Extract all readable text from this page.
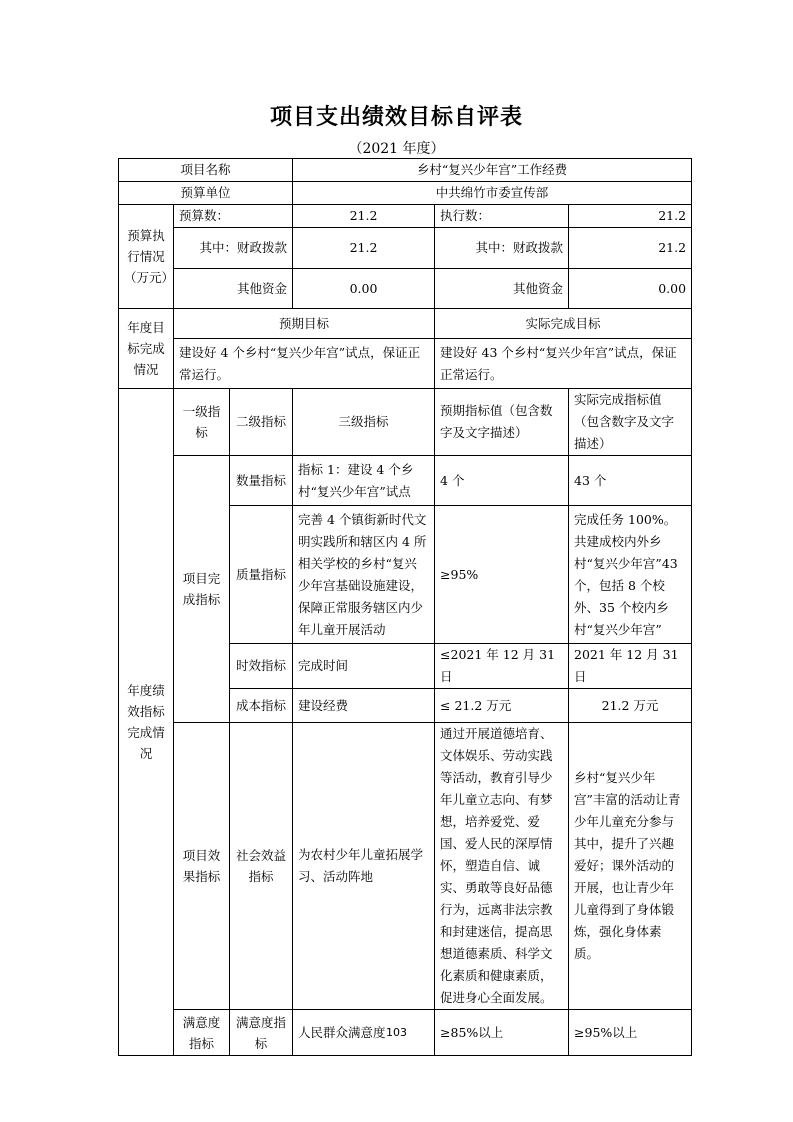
项目支出绩效目标自评表
（2021 年度）
项目名称			乡村“复兴少年宫”工作经费		
预算单位			中共绵竹市委宣传部		
预算执行情况（万元）	预算数：		21.2	执行数：	21.2
	其中：财政拨款		21.2	其中：财政拨款	21.2
	其他资金		0.00	其他资金	0.00
年度目标完成情况	预期目标			实际完成目标	
	建设好 4 个乡村“复兴少年宫”试点，保证正常运行。			建设好 43 个乡村“复兴少年宫”试点，保证正常运行。	
年度绩效指标完成情况	一级指标	二级指标	三级指标	预期指标值（包含数字及文字描述）	实际完成指标值（包含数字及文字描述）
	项目完成指标	数量指标	指标 1：建设 4 个乡村“复兴少年宫”试点	4 个	43 个
		质量指标	完善 4 个镇街新时代文明实践所和辖区内 4 所相关学校的乡村“复兴少年宫基础设施建设，保障正常服务辖区内少年儿童开展活动	≥95%	完成任务 100%。共建成校内外乡村“复兴少年宫”43 个，包括 8 个校外、35 个校内乡村“复兴少年宫”
		时效指标	完成时间	≤2021 年 12 月 31 日	2021 年 12 月 31 日
		成本指标	建设经费	≤ 21.2 万元	21.2 万元
	项目效果指标	社会效益指标	为农村少年儿童拓展学习、活动阵地	通过开展道德培育、文体娱乐、劳动实践等活动，教育引导少年儿童立志向、有梦想，培养爱党、爱国、爱人民的深厚情怀，塑造自信、诚实、勇敢等良好品德行为，远离非法宗教和封建迷信，提高思想道德素质、科学文化素质和健康素质，促进身心全面发展。	乡村“复兴少年宫”丰富的活动让青少年儿童充分参与其中，提升了兴趣爱好；课外活动的开展，也让青少年儿童得到了身体锻炼，强化身体素质。
	满意度指标	满意度指标	人民群众满意度	≥85%以上	≥95%以上
103
